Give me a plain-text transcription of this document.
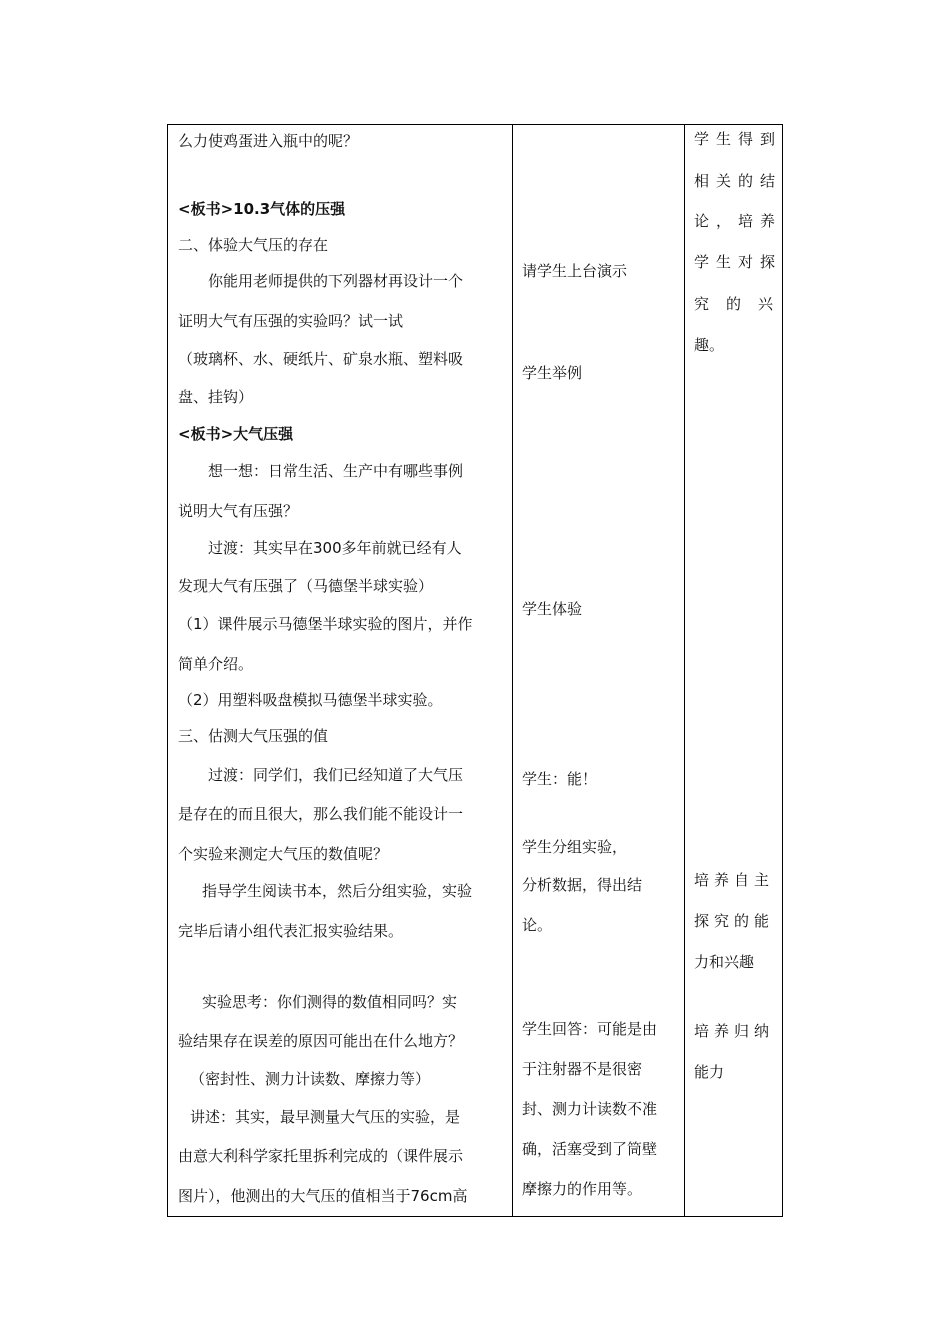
么力使鸡蛋进入瓶中的呢？
<板书>10.3气体的压强
二、体验大气压的存在
你能用老师提供的下列器材再设计一个
证明大气有压强的实验吗？试一试
（玻璃杯、水、硬纸片、矿泉水瓶、塑料吸
盘、挂钩）
<板书>大气压强
想一想：日常生活、生产中有哪些事例
说明大气有压强？
过渡：其实早在300多年前就已经有人
发现大气有压强了（马德堡半球实验）
（1）课件展示马德堡半球实验的图片，并作
简单介绍。
（2）用塑料吸盘模拟马德堡半球实验。
三、估测大气压强的值
过渡：同学们，我们已经知道了大气压
是存在的而且很大，那么我们能不能设计一
个实验来测定大气压的数值呢？
指导学生阅读书本，然后分组实验，实验
完毕后请小组代表汇报实验结果。
实验思考：你们测得的数值相同吗？实
验结果存在误差的原因可能出在什么地方？
（密封性、测力计读数、摩擦力等）
讲述：其实，最早测量大气压的实验，是
由意大利科学家托里拆利完成的（课件展示
图片），他测出的大气压的值相当于76cm高
请学生上台演示
学生举例
学生体验
学生：能！
学生分组实验，
分析数据，得出结
论。
学生回答：可能是由
于注射器不是很密
封、测力计读数不准
确，活塞受到了筒壁
摩擦力的作用等。
学生得到
相关的结
论，培养
学生对探
究的兴
趣。
培养自主
探究的能
力和兴趣
培养归纳
能力
